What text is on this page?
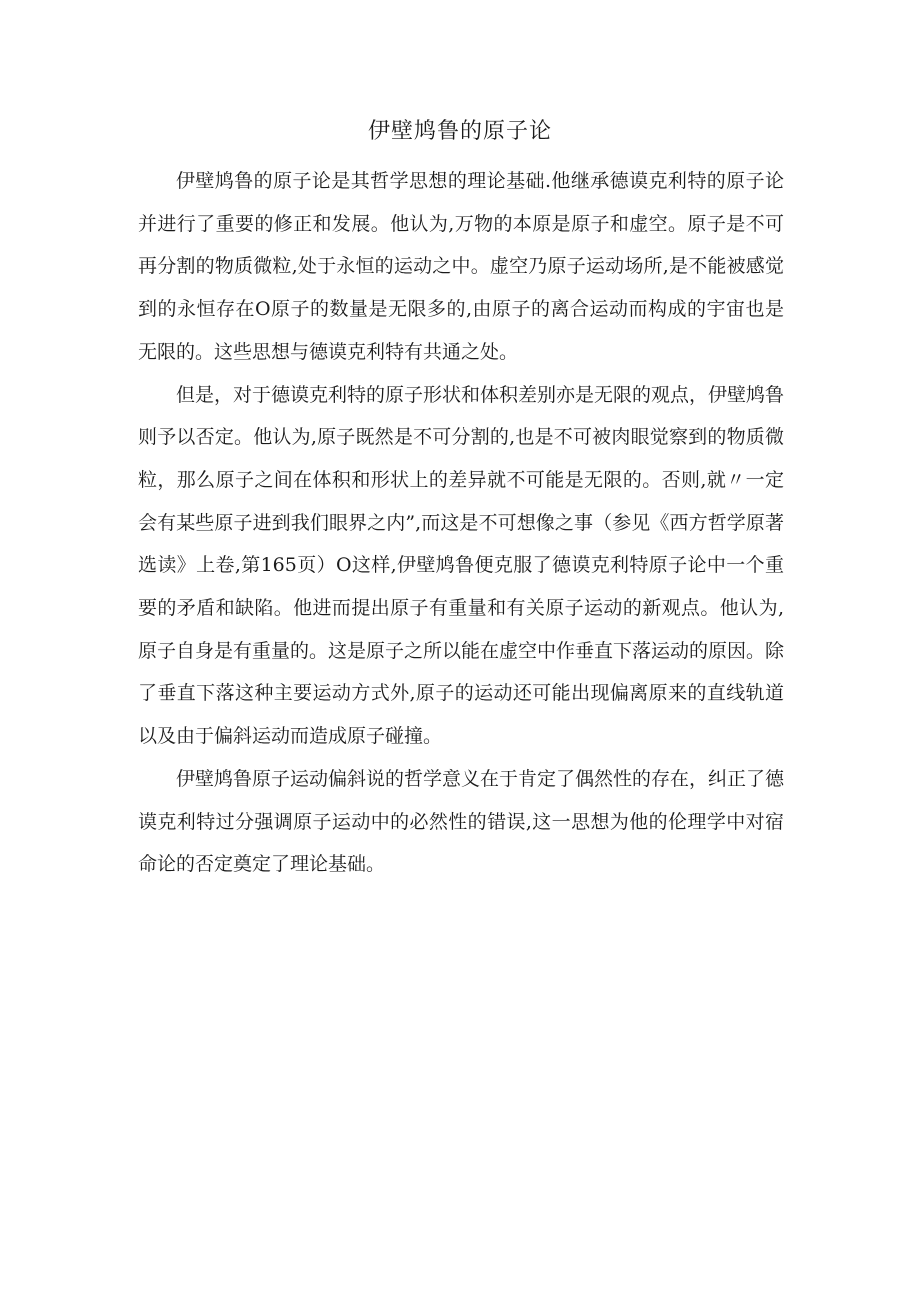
伊壁鸠鲁的原子论

伊壁鸠鲁的原子论是其哲学思想的理论基础.他继承德谟克利特的原子论并进行了重要的修正和发展。他认为,万物的本原是原子和虚空。原子是不可再分割的物质微粒,处于永恒的运动之中。虚空乃原子运动场所,是不能被感觉到的永恒存在O原子的数量是无限多的,由原子的离合运动而构成的宇宙也是无限的。这些思想与德谟克利特有共通之处。

但是，对于德谟克利特的原子形状和体积差别亦是无限的观点，伊壁鸠鲁则予以否定。他认为,原子既然是不可分割的,也是不可被肉眼觉察到的物质微粒，那么原子之间在体积和形状上的差异就不可能是无限的。否则,就〃一定会有某些原子进到我们眼界之内”,而这是不可想像之事（参见《西方哲学原著选读》上卷,第165页）O这样,伊壁鸠鲁便克服了德谟克利特原子论中一个重要的矛盾和缺陷。他进而提出原子有重量和有关原子运动的新观点。他认为,原子自身是有重量的。这是原子之所以能在虚空中作垂直下落运动的原因。除了垂直下落这种主要运动方式外,原子的运动还可能出现偏离原来的直线轨道以及由于偏斜运动而造成原子碰撞。

伊壁鸠鲁原子运动偏斜说的哲学意义在于肯定了偶然性的存在，纠正了德谟克利特过分强调原子运动中的必然性的错误,这一思想为他的伦理学中对宿命论的否定奠定了理论基础。
